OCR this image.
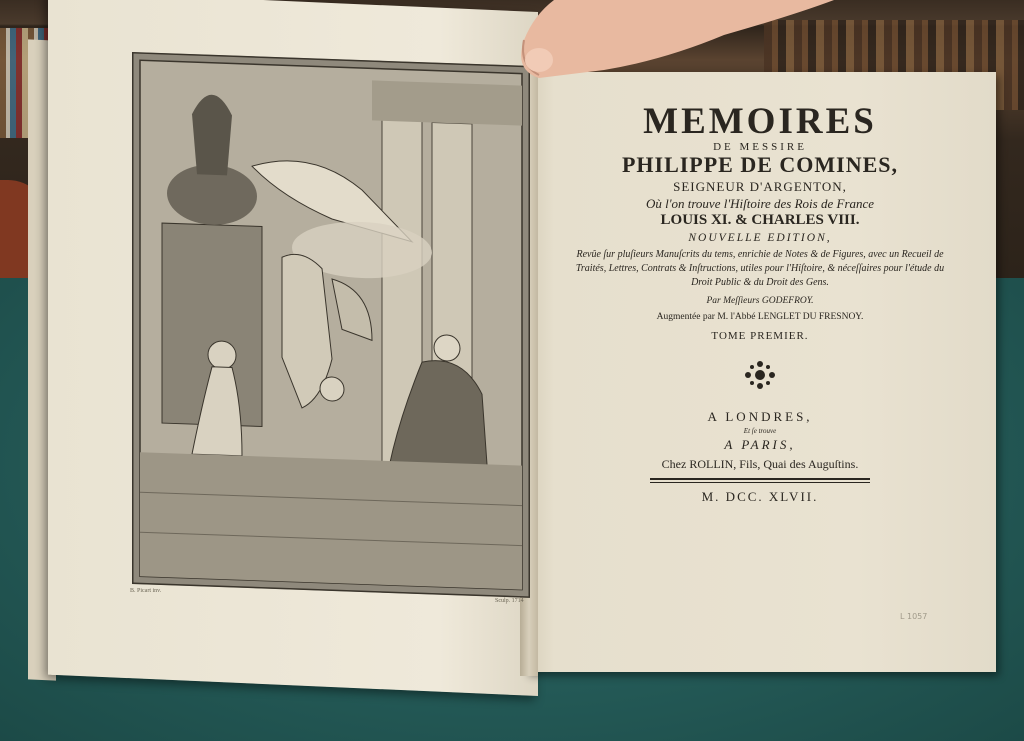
B. Picart inv.
Sculp. 1714
MEMOIRES
DE MESSIRE
PHILIPPE DE COMINES,
SEIGNEUR D'ARGENTON,
Où l'on trouve l'Hiſtoire des Rois de France
LOUIS XI. & CHARLES VIII.
NOUVELLE EDITION,
Revûe ſur pluſieurs Manuſcrits du tems, enrichie de Notes & de Figures, avec un Recueil de Traités, Lettres, Contrats & Inſtructions, utiles pour l'Hiſtoire, & néceſſaires pour l'étude du Droit Public & du Droit des Gens.
Par Meſſieurs GODEFROY.
Augmentée par M. l'Abbé LENGLET DU FRESNOY.
TOME PREMIER.
A LONDRES,
Et ſe trouve
A PARIS,
Chez ROLLIN, Fils, Quai des Auguſtins.
M. DCC. XLVII.
L 1057
